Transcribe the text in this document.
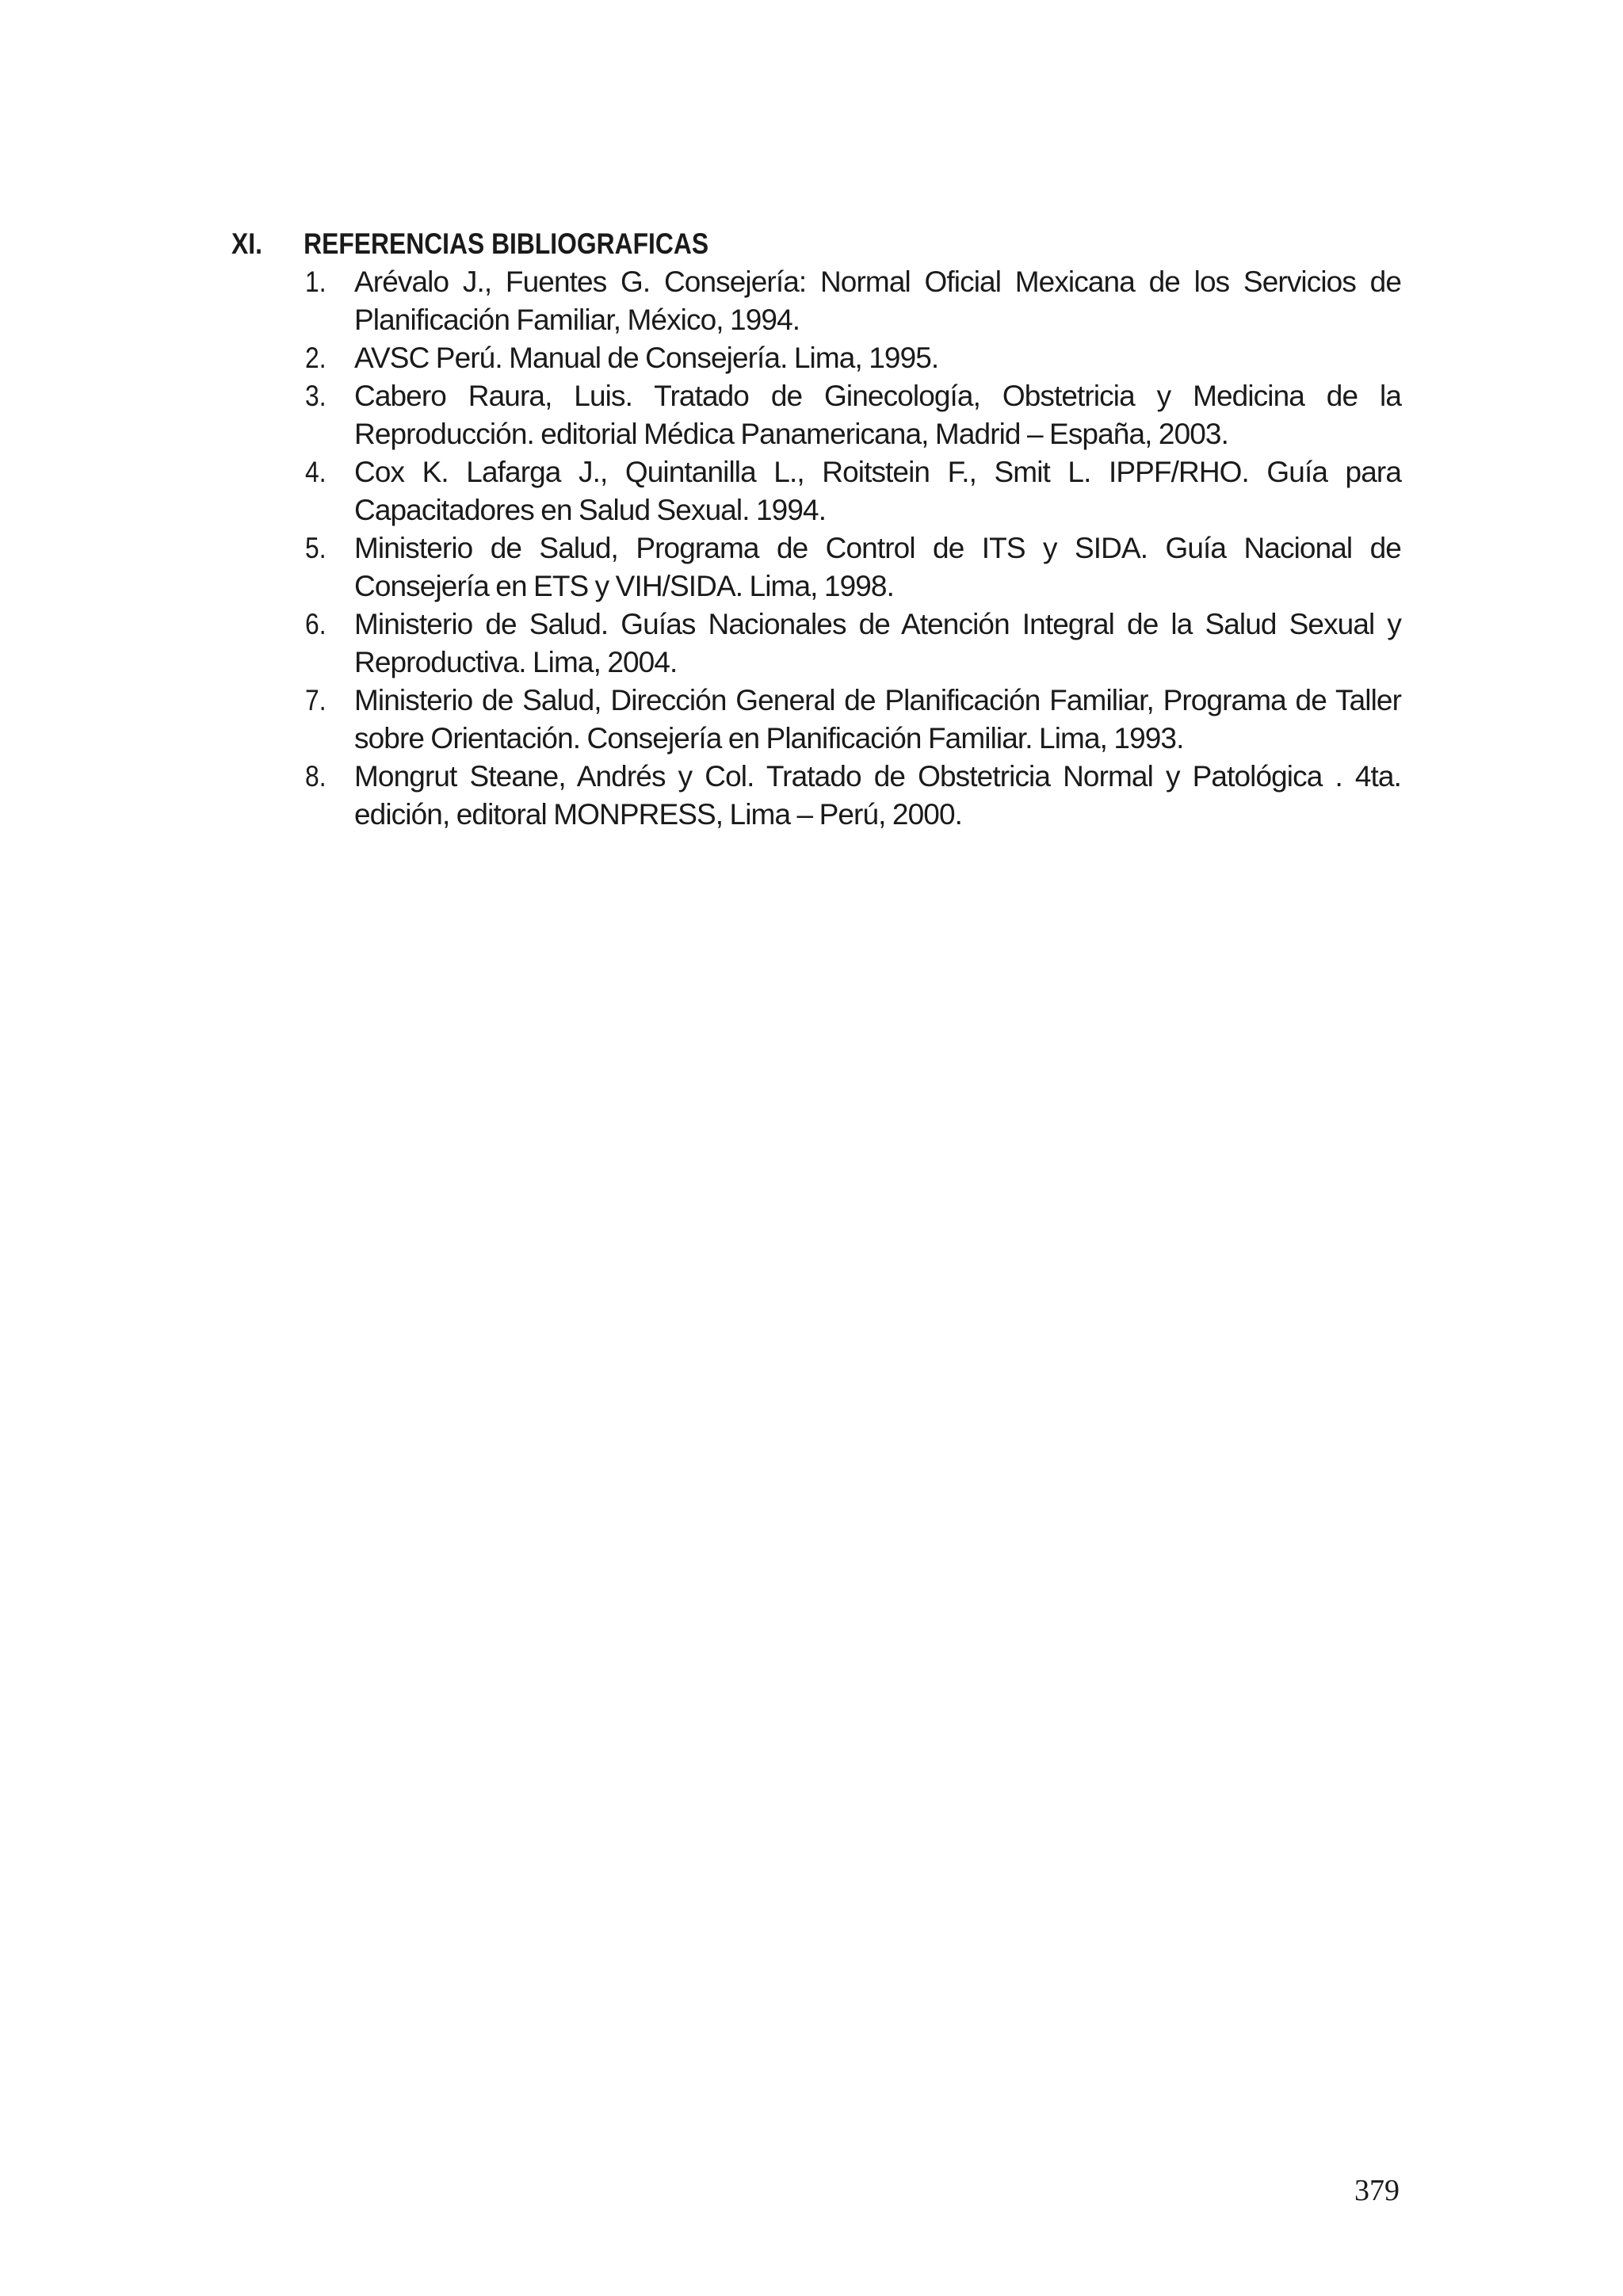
XI.	REFERENCIAS BIBLIOGRAFICAS
1. Arévalo J., Fuentes G. Consejería: Normal Oficial Mexicana de los Servicios de Planificación Familiar, México, 1994.
2. AVSC Perú. Manual de Consejería. Lima, 1995.
3. Cabero Raura, Luis. Tratado de Ginecología, Obstetricia y Medicina de la Reproducción. editorial Médica Panamericana, Madrid – España, 2003.
4. Cox K. Lafarga J., Quintanilla L., Roitstein F., Smit L. IPPF/RHO. Guía para Capacitadores en Salud Sexual. 1994.
5. Ministerio de Salud, Programa de Control de ITS y SIDA. Guía Nacional de Consejería en ETS y VIH/SIDA. Lima, 1998.
6. Ministerio de Salud. Guías Nacionales de Atención Integral de la Salud Sexual y Reproductiva. Lima, 2004.
7. Ministerio de Salud, Dirección General de Planificación Familiar, Programa de Taller sobre Orientación. Consejería en Planificación Familiar. Lima, 1993.
8. Mongrut Steane, Andrés y Col. Tratado de Obstetricia Normal y Patológica . 4ta. edición, editoral MONPRESS, Lima – Perú, 2000.
379
